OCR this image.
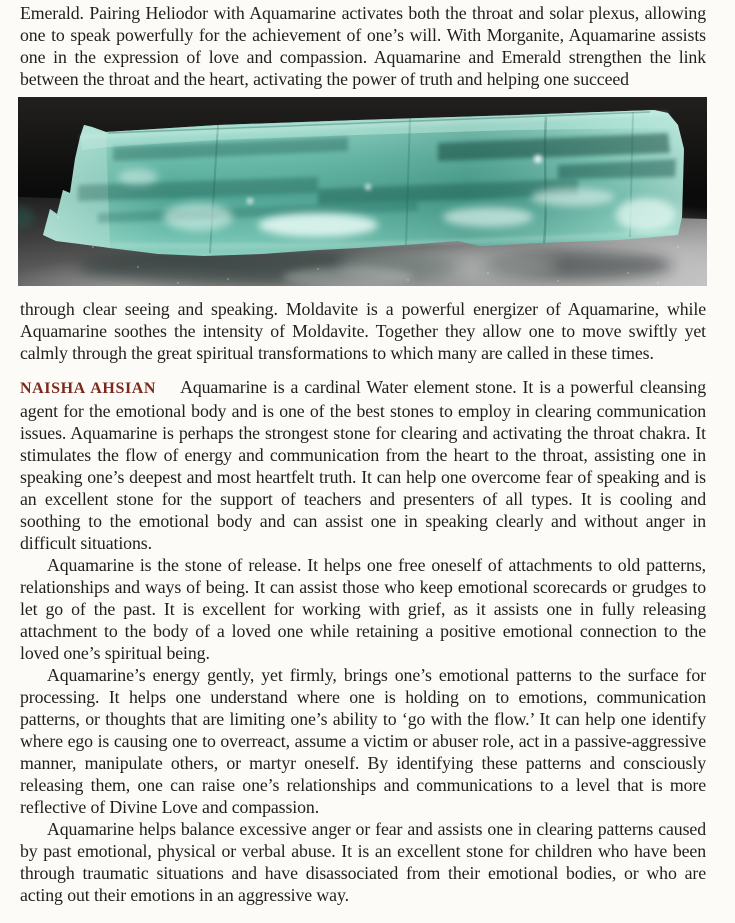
Emerald. Pairing Heliodor with Aquamarine activates both the throat and solar plexus, allowing one to speak powerfully for the achievement of one’s will. With Morganite, Aquamarine assists one in the expression of love and compassion. Aquamarine and Emerald strengthen the link between the throat and the heart, activating the power of truth and helping one succeed

through clear seeing and speaking. Moldavite is a powerful energizer of Aquamarine, while Aquamarine soothes the intensity of Moldavite. Together they allow one to move swiftly yet calmly through the great spiritual transformations to which many are called in these times.

NAISHA AHSIAN Aquamarine is a cardinal Water element stone. It is a powerful cleansing agent for the emotional body and is one of the best stones to employ in clearing communication issues. Aquamarine is perhaps the strongest stone for clearing and activating the throat chakra. It stimulates the flow of energy and communication from the heart to the throat, assisting one in speaking one’s deepest and most heartfelt truth. It can help one overcome fear of speaking and is an excellent stone for the support of teachers and presenters of all types. It is cooling and soothing to the emotional body and can assist one in speaking clearly and without anger in difficult situations.

Aquamarine is the stone of release. It helps one free oneself of attachments to old patterns, relationships and ways of being. It can assist those who keep emotional scorecards or grudges to let go of the past. It is excellent for working with grief, as it assists one in fully releasing attachment to the body of a loved one while retaining a positive emotional connection to the loved one’s spiritual being.

Aquamarine’s energy gently, yet firmly, brings one’s emotional patterns to the surface for processing. It helps one understand where one is holding on to emotions, communication patterns, or thoughts that are limiting one’s ability to ‘go with the flow.’ It can help one identify where ego is causing one to overreact, assume a victim or abuser role, act in a passive-aggressive manner, manipulate others, or martyr oneself. By identifying these patterns and consciously releasing them, one can raise one’s relationships and communications to a level that is more reflective of Divine Love and compassion.

Aquamarine helps balance excessive anger or fear and assists one in clearing patterns caused by past emotional, physical or verbal abuse. It is an excellent stone for children who have been through traumatic situations and have disassociated from their emotional bodies, or who are acting out their emotions in an aggressive way.
